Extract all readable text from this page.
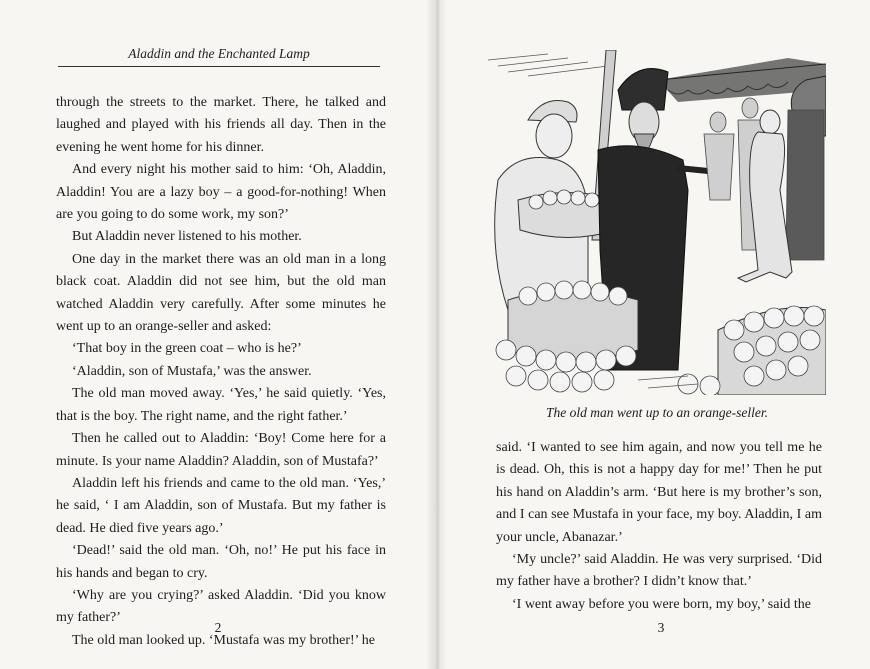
Aladdin and the Enchanted Lamp

through the streets to the market. There, he talked and laughed and played with his friends all day. Then in the evening he went home for his dinner.

And every night his mother said to him: ‘Oh, Aladdin, Aladdin! You are a lazy boy – a good-for-nothing! When are you going to do some work, my son?’

But Aladdin never listened to his mother.

One day in the market there was an old man in a long black coat. Aladdin did not see him, but the old man watched Aladdin very carefully. After some minutes he went up to an orange-seller and asked:

‘That boy in the green coat – who is he?’

‘Aladdin, son of Mustafa,’ was the answer.

The old man moved away. ‘Yes,’ he said quietly. ‘Yes, that is the boy. The right name, and the right father.’

Then he called out to Aladdin: ‘Boy! Come here for a minute. Is your name Aladdin? Aladdin, son of Mustafa?’

Aladdin left his friends and came to the old man. ‘Yes,’ he said, ‘ I am Aladdin, son of Mustafa. But my father is dead. He died five years ago.’

‘Dead!’ said the old man. ‘Oh, no!’ He put his face in his hands and began to cry.

‘Why are you crying?’ asked Aladdin. ‘Did you know my father?’

The old man looked up. ‘Mustafa was my brother!’ he

2
The old man went up to an orange-seller.

said. ‘I wanted to see him again, and now you tell me he is dead. Oh, this is not a happy day for me!’ Then he put his hand on Aladdin’s arm. ‘But here is my brother’s son, and I can see Mustafa in your face, my boy. Aladdin, I am your uncle, Abanazar.’

‘My uncle?’ said Aladdin. He was very surprised. ‘Did my father have a brother? I didn’t know that.’

‘I went away before you were born, my boy,’ said the

3
